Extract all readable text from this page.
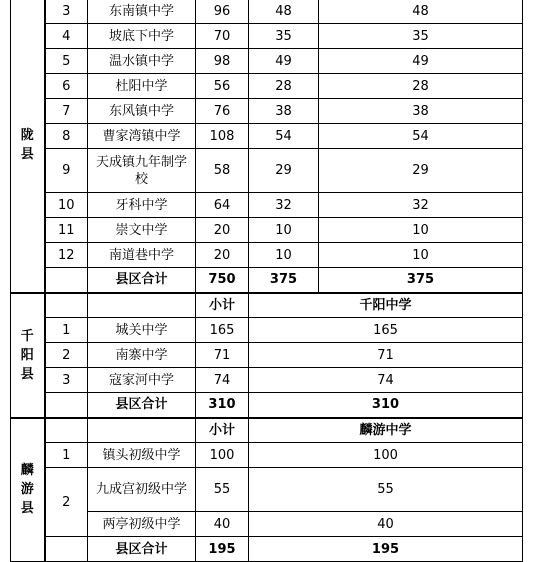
陇
县	3	东南镇中学	96	48	48
	4	坡底下中学	70	35	35
	5	温水镇中学	98	49	49
	6	杜阳中学	56	28	28
	7	东风镇中学	76	38	38
	8	曹家湾镇中学	108	54	54
	9	天成镇九年制学校	58	29	29
	10	牙科中学	64	32	32
	11	崇文中学	20	10	10
	12	南道巷中学	20	10	10
		县区合计	750	375	375

千
阳
县			小计	千阳中学	
	1	城关中学	165	165	
	2	南寨中学	71	71	
	3	寇家河中学	74	74	
		县区合计	310	310	

麟
游
县			小计	麟游中学	
	1	镇头初级中学	100	100	
	2	九成宫初级中学	55	55	
		两亭初级中学	40	40	
		县区合计	195	195	
